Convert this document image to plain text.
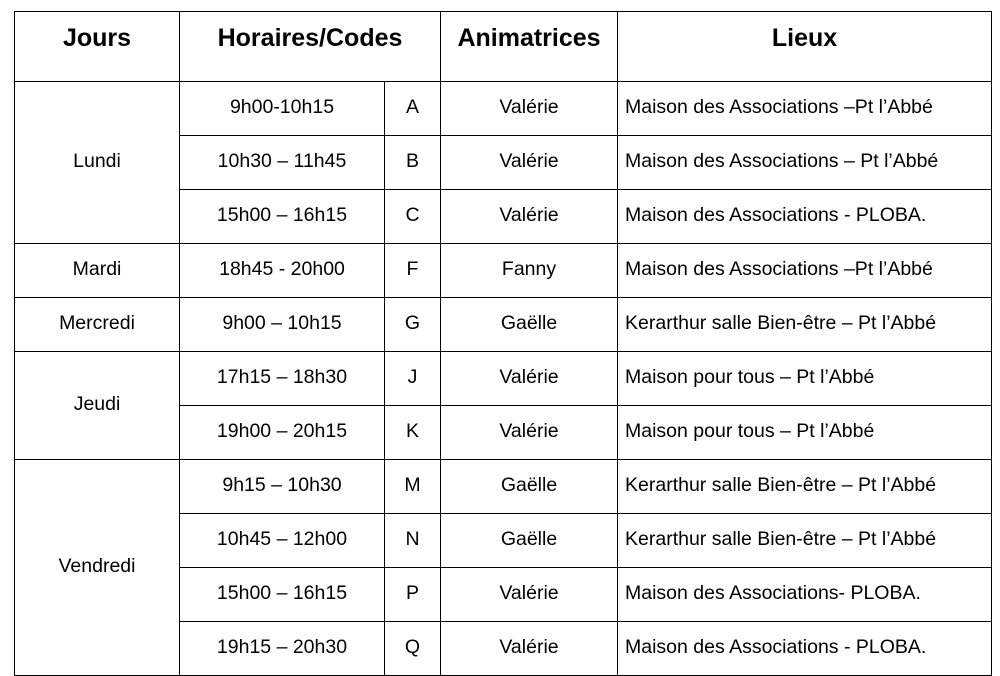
Jours	Horaires/Codes		Animatrices	Lieux
Lundi	9h00-10h15	A	Valérie	Maison des Associations –Pt l’Abbé
	10h30 – 11h45	B	Valérie	Maison des Associations – Pt l’Abbé
	15h00 – 16h15	C	Valérie	Maison des Associations - PLOBA.
Mardi	18h45 - 20h00	F	Fanny	Maison des Associations –Pt l’Abbé
Mercredi	9h00 – 10h15	G	Gaëlle	Kerarthur salle Bien-être – Pt l’Abbé
Jeudi	17h15 – 18h30	J	Valérie	Maison pour tous – Pt l’Abbé
	19h00 – 20h15	K	Valérie	Maison pour tous – Pt l’Abbé
Vendredi	9h15 – 10h30	M	Gaëlle	Kerarthur salle Bien-être – Pt l’Abbé
	10h45 – 12h00	N	Gaëlle	Kerarthur salle Bien-être – Pt l’Abbé
	15h00 – 16h15	P	Valérie	Maison des Associations- PLOBA.
	19h15 – 20h30	Q	Valérie	Maison des Associations - PLOBA.
